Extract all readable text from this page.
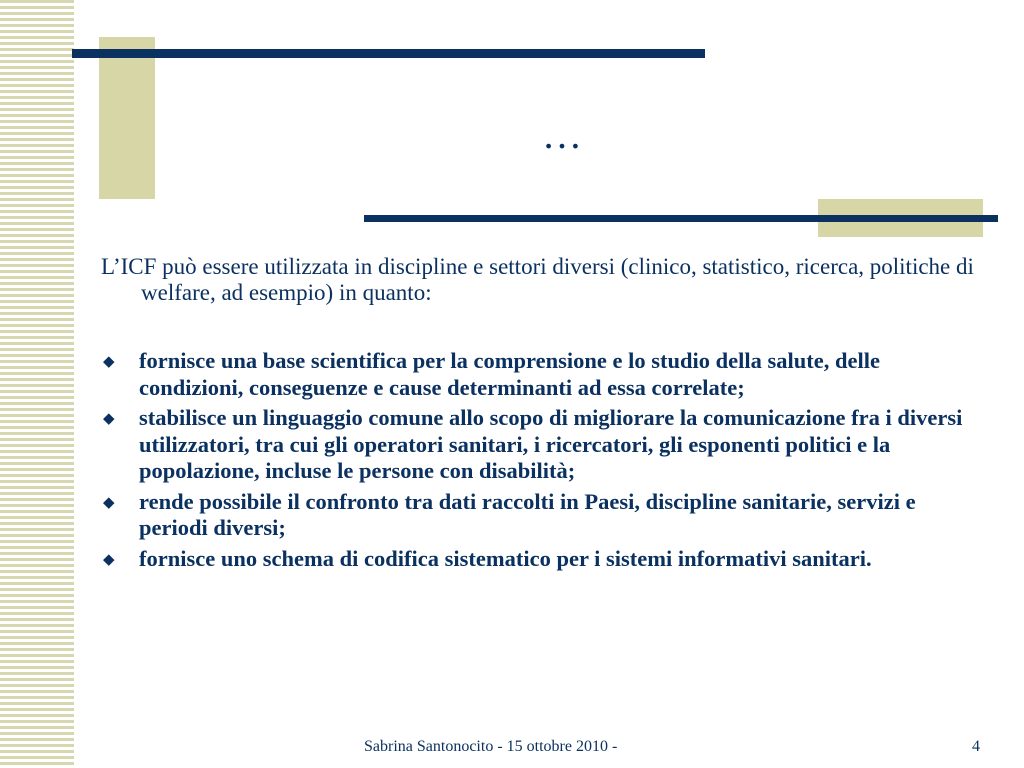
…
L’ICF può essere utilizzata in discipline e settori diversi (clinico, statistico, ricerca, politiche di welfare, ad esempio) in quanto:
◆ fornisce una base scientifica per la comprensione e lo studio della salute, delle condizioni, conseguenze e cause determinanti ad essa correlate;
◆ stabilisce un linguaggio comune allo scopo di migliorare la comunicazione fra i diversi utilizzatori, tra cui gli operatori sanitari, i ricercatori, gli esponenti politici e la popolazione, incluse le persone con disabilità;
◆ rende possibile il confronto tra dati raccolti in Paesi, discipline sanitarie, servizi e periodi diversi;
◆ fornisce uno schema di codifica sistematico per i sistemi informativi sanitari.
Sabrina Santonocito - 15 ottobre 2010 -	4
